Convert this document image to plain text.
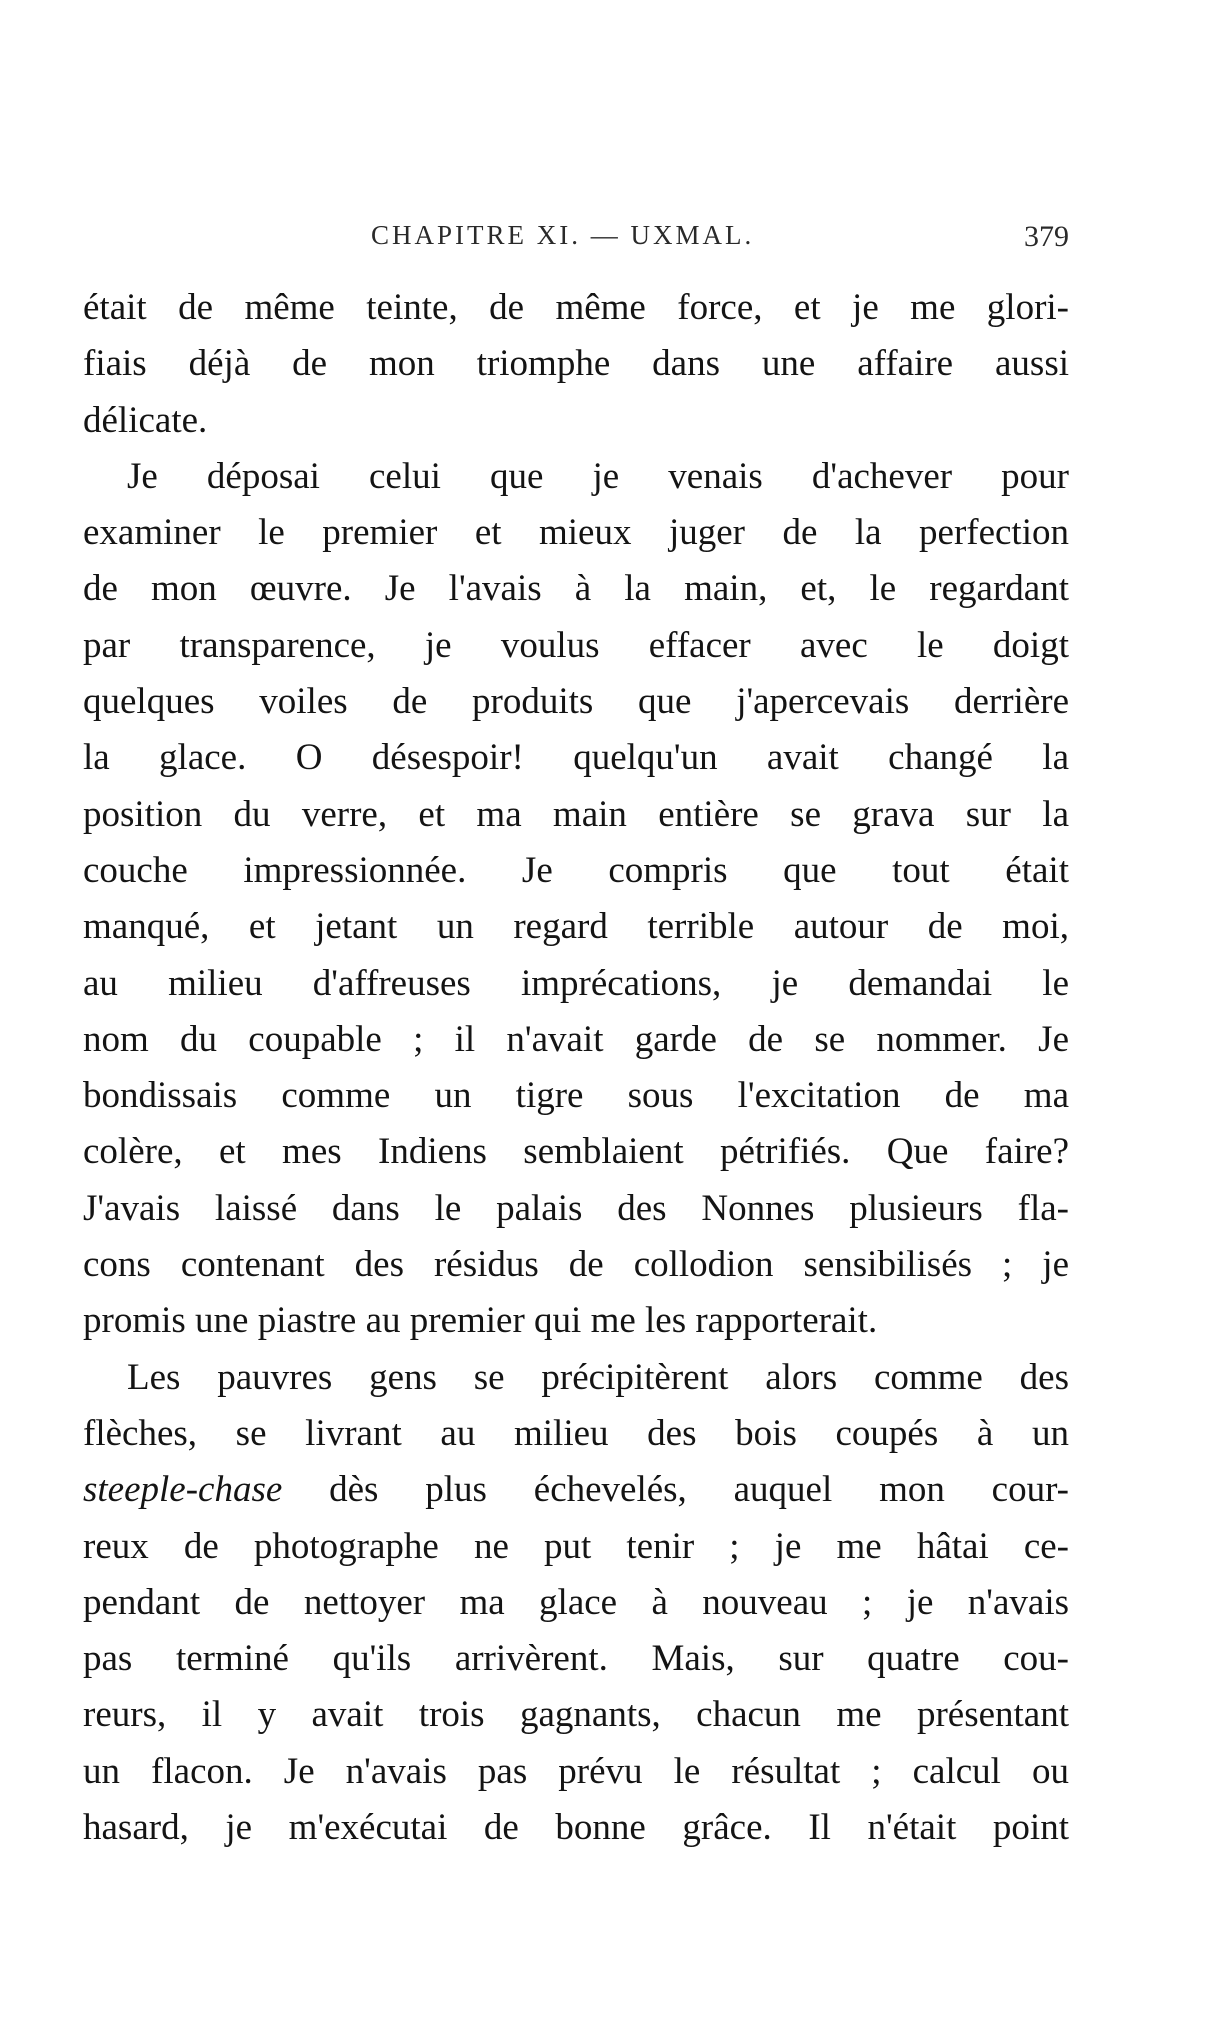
CHAPITRE XI. — UXMAL.	379
était de même teinte, de même force, et je me glori-
fiais déjà de mon triomphe dans une affaire aussi
délicate.
Je déposai celui que je venais d'achever pour
examiner le premier et mieux juger de la perfection
de mon œuvre. Je l'avais à la main, et, le regardant
par transparence, je voulus effacer avec le doigt
quelques voiles de produits que j'apercevais derrière
la glace. O désespoir! quelqu'un avait changé la
position du verre, et ma main entière se grava sur la
couche impressionnée. Je compris que tout était
manqué, et jetant un regard terrible autour de moi,
au milieu d'affreuses imprécations, je demandai le
nom du coupable ; il n'avait garde de se nommer. Je
bondissais comme un tigre sous l'excitation de ma
colère, et mes Indiens semblaient pétrifiés. Que faire?
J'avais laissé dans le palais des Nonnes plusieurs fla-
cons contenant des résidus de collodion sensibilisés ; je
promis une piastre au premier qui me les rapporterait.
Les pauvres gens se précipitèrent alors comme des
flèches, se livrant au milieu des bois coupés à un
steeple-chase dès plus échevelés, auquel mon cour-
reux de photographe ne put tenir ; je me hâtai ce-
pendant de nettoyer ma glace à nouveau ; je n'avais
pas terminé qu'ils arrivèrent. Mais, sur quatre cou-
reurs, il y avait trois gagnants, chacun me présentant
un flacon. Je n'avais pas prévu le résultat ; calcul ou
hasard, je m'exécutai de bonne grâce. Il n'était point
